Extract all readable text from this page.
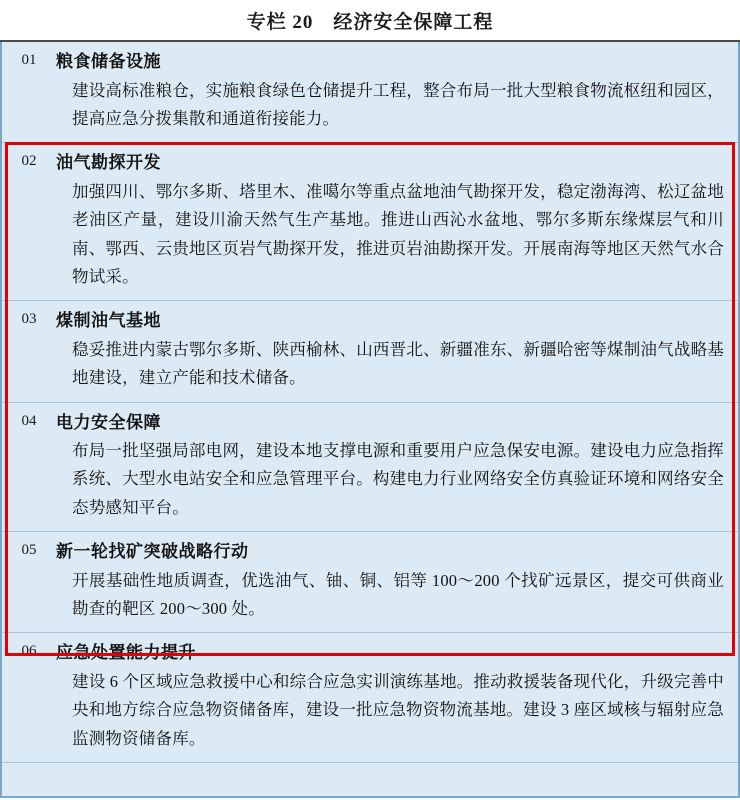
专栏 20 经济安全保障工程
01	粮食储备设施
建设高标准粮仓，实施粮食绿色仓储提升工程，整合布局一批大型粮食物流枢纽和园区，提高应急分拨集散和通道衔接能力。
02	油气勘探开发
加强四川、鄂尔多斯、塔里木、准噶尔等重点盆地油气勘探开发，稳定渤海湾、松辽盆地老油区产量，建设川渝天然气生产基地。推进山西沁水盆地、鄂尔多斯东缘煤层气和川南、鄂西、云贵地区页岩气勘探开发，推进页岩油勘探开发。开展南海等地区天然气水合物试采。
03	煤制油气基地
稳妥推进内蒙古鄂尔多斯、陕西榆林、山西晋北、新疆准东、新疆哈密等煤制油气战略基地建设，建立产能和技术储备。
04	电力安全保障
布局一批坚强局部电网，建设本地支撑电源和重要用户应急保安电源。建设电力应急指挥系统、大型水电站安全和应急管理平台。构建电力行业网络安全仿真验证环境和网络安全态势感知平台。
05	新一轮找矿突破战略行动
开展基础性地质调查，优选油气、铀、铜、铝等 100～200 个找矿远景区，提交可供商业勘查的靶区 200～300 处。
06	应急处置能力提升
建设 6 个区域应急救援中心和综合应急实训演练基地。推动救援装备现代化，升级完善中央和地方综合应急物资储备库，建设一批应急物资物流基地。建设 3 座区域核与辐射应急监测物资储备库。
